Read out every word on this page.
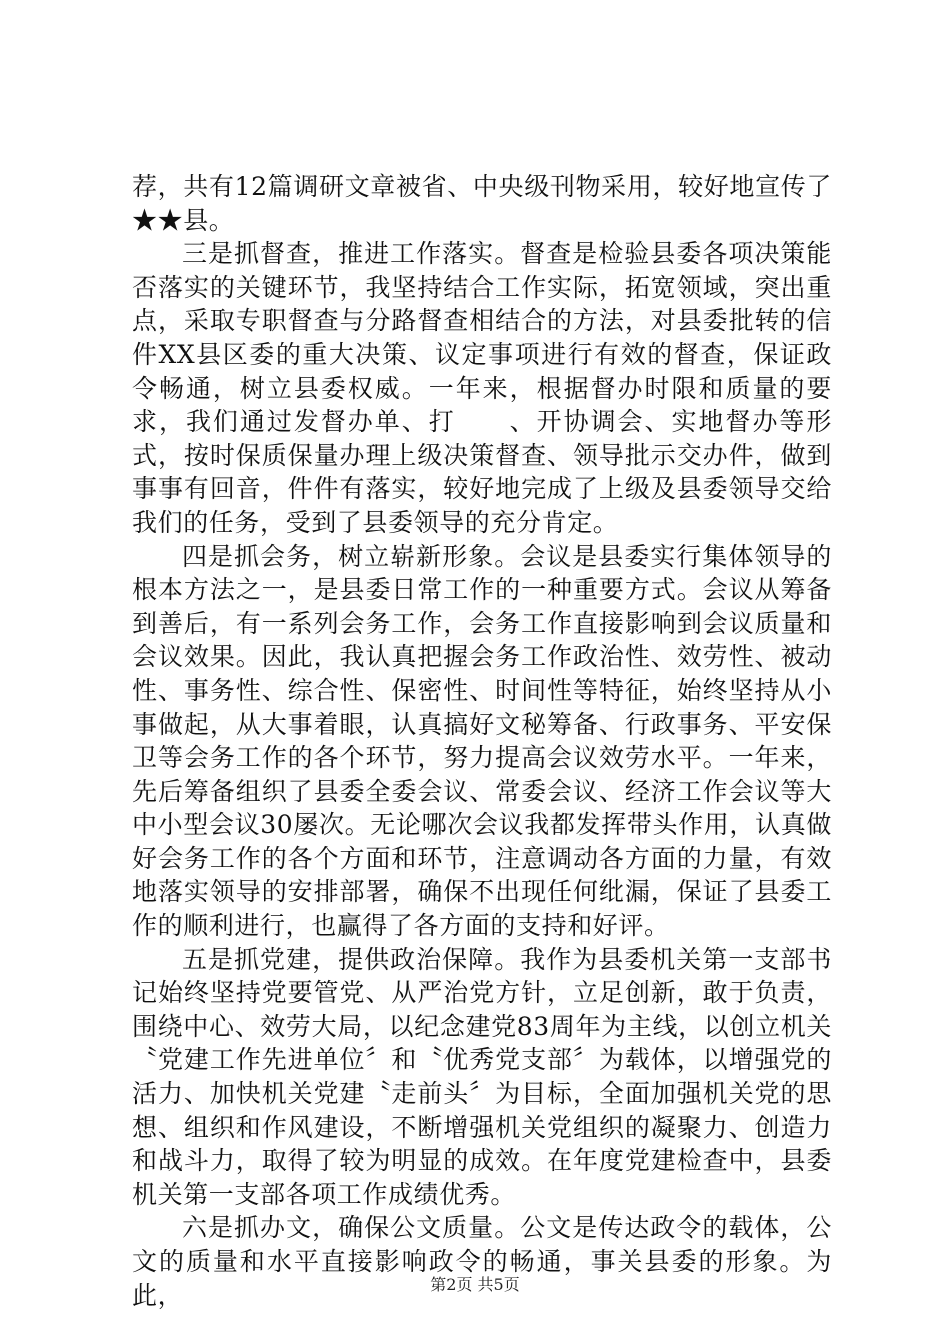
荐，共有12篇调研文章被省、中央级刊物采用，较好地宣传了★★县。

三是抓督查，推进工作落实。督查是检验县委各项决策能否落实的关键环节，我坚持结合工作实际，拓宽领域，突出重点，采取专职督查与分路督查相结合的方法，对县委批转的信件XX县区委的重大决策、议定事项进行有效的督查，保证政令畅通，树立县委权威。一年来，根据督办时限和质量的要求，我们通过发督办单、打　　、开协调会、实地督办等形式，按时保质保量办理上级决策督查、领导批示交办件，做到事事有回音，件件有落实，较好地完成了上级及县委领导交给我们的任务，受到了县委领导的充分肯定。

四是抓会务，树立崭新形象。会议是县委实行集体领导的根本方法之一，是县委日常工作的一种重要方式。会议从筹备到善后，有一系列会务工作，会务工作直接影响到会议质量和会议效果。因此，我认真把握会务工作政治性、效劳性、被动性、事务性、综合性、保密性、时间性等特征，始终坚持从小事做起，从大事着眼，认真搞好文秘筹备、行政事务、平安保卫等会务工作的各个环节，努力提高会议效劳水平。一年来，先后筹备组织了县委全委会议、常委会议、经济工作会议等大中小型会议30屡次。无论哪次会议我都发挥带头作用，认真做好会务工作的各个方面和环节，注意调动各方面的力量，有效地落实领导的安排部署，确保不出现任何纰漏，保证了县委工作的顺利进行，也赢得了各方面的支持和好评。

五是抓党建，提供政治保障。我作为县委机关第一支部书记始终坚持党要管党、从严治党方针，立足创新，敢于负责，围绕中心、效劳大局，以纪念建党83周年为主线，以创立机关〝党建工作先进单位〞和〝优秀党支部〞为载体，以增强党的活力、加快机关党建〝走前头〞为目标，全面加强机关党的思想、组织和作风建设，不断增强机关党组织的凝聚力、创造力和战斗力，取得了较为明显的成效。在年度党建检查中，县委机关第一支部各项工作成绩优秀。

六是抓办文，确保公文质量。公文是传达政令的载体，公文的质量和水平直接影响政令的畅通，事关县委的形象。为此，	第2页 共5页
